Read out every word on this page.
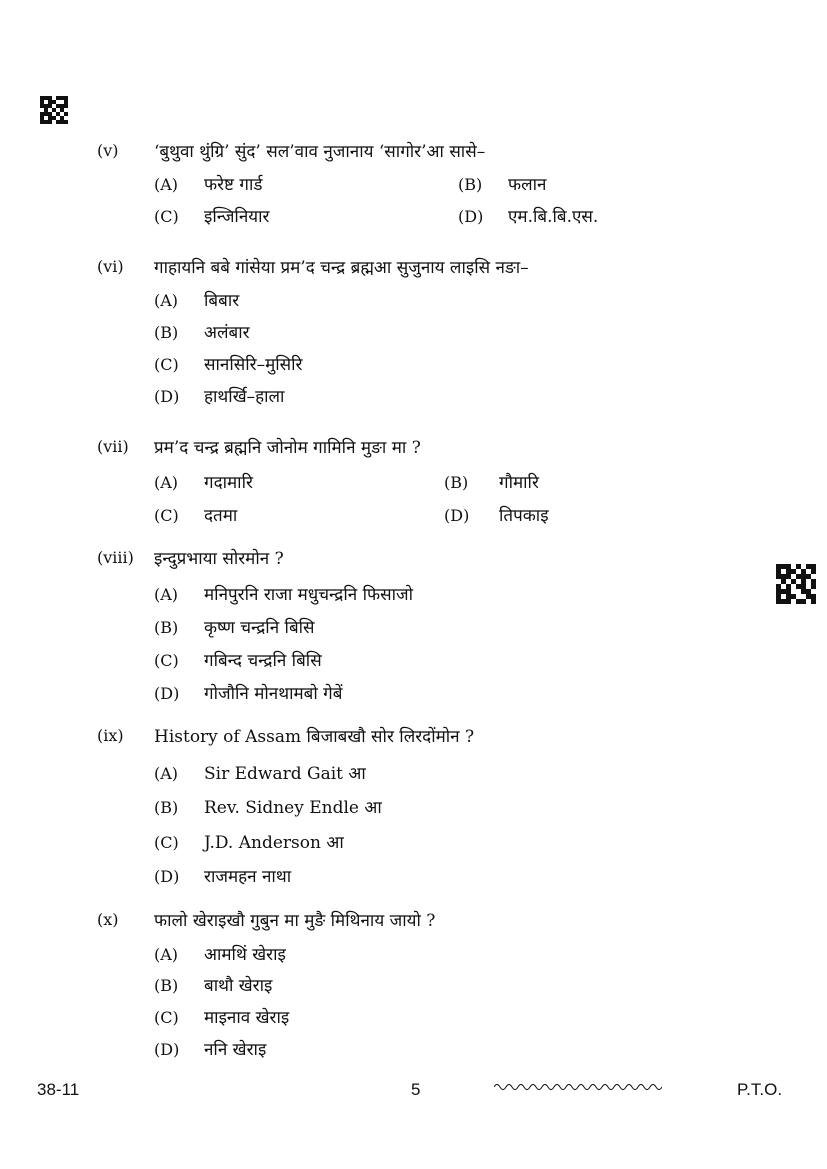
(v) ‘बुथुवा थुंग्रि’ सुंद’ सल’वाव नुजानाय ‘सागोर’आ सासे–
(A) फरेष्ट गार्ड	(B) फलान
(C) इन्जिनियार	(D) एम.बि.बि.एस.
(vi) गाहायनि बबे गांसेया प्रम’द चन्द्र ब्रह्मआ सुजुनाय लाइसि नङा–
(A) बिबार
(B) अलंबार
(C) सानसिरि–मुसिरि
(D) हाथर्खि–हाला
(vii) प्रम’द चन्द्र ब्रह्मनि जोनोम गामिनि मुङा मा ?
(A) गदामारि	(B) गौमारि
(C) दतमा	(D) तिपकाइ
(viii) इन्दुप्रभाया सोरमोन ?
(A) मनिपुरनि राजा मधुचन्द्रनि फिसाजो
(B) कृष्ण चन्द्रनि बिसि
(C) गबिन्द चन्द्रनि बिसि
(D) गोजौनि मोनथामबो गेबें
(ix) History of Assam बिजाबखौ सोर लिरदोंमोन ?
(A) Sir Edward Gait आ
(B) Rev. Sidney Endle आ
(C) J.D. Anderson आ
(D) राजमहन नाथा
(x) फालो खेराइखौ गुबुन मा मुङै मिथिनाय जायो ?
(A) आमथिं खेराइ
(B) बाथौ खेराइ
(C) माइनाव खेराइ
(D) ननि खेराइ
38-11	5	P.T.O.
